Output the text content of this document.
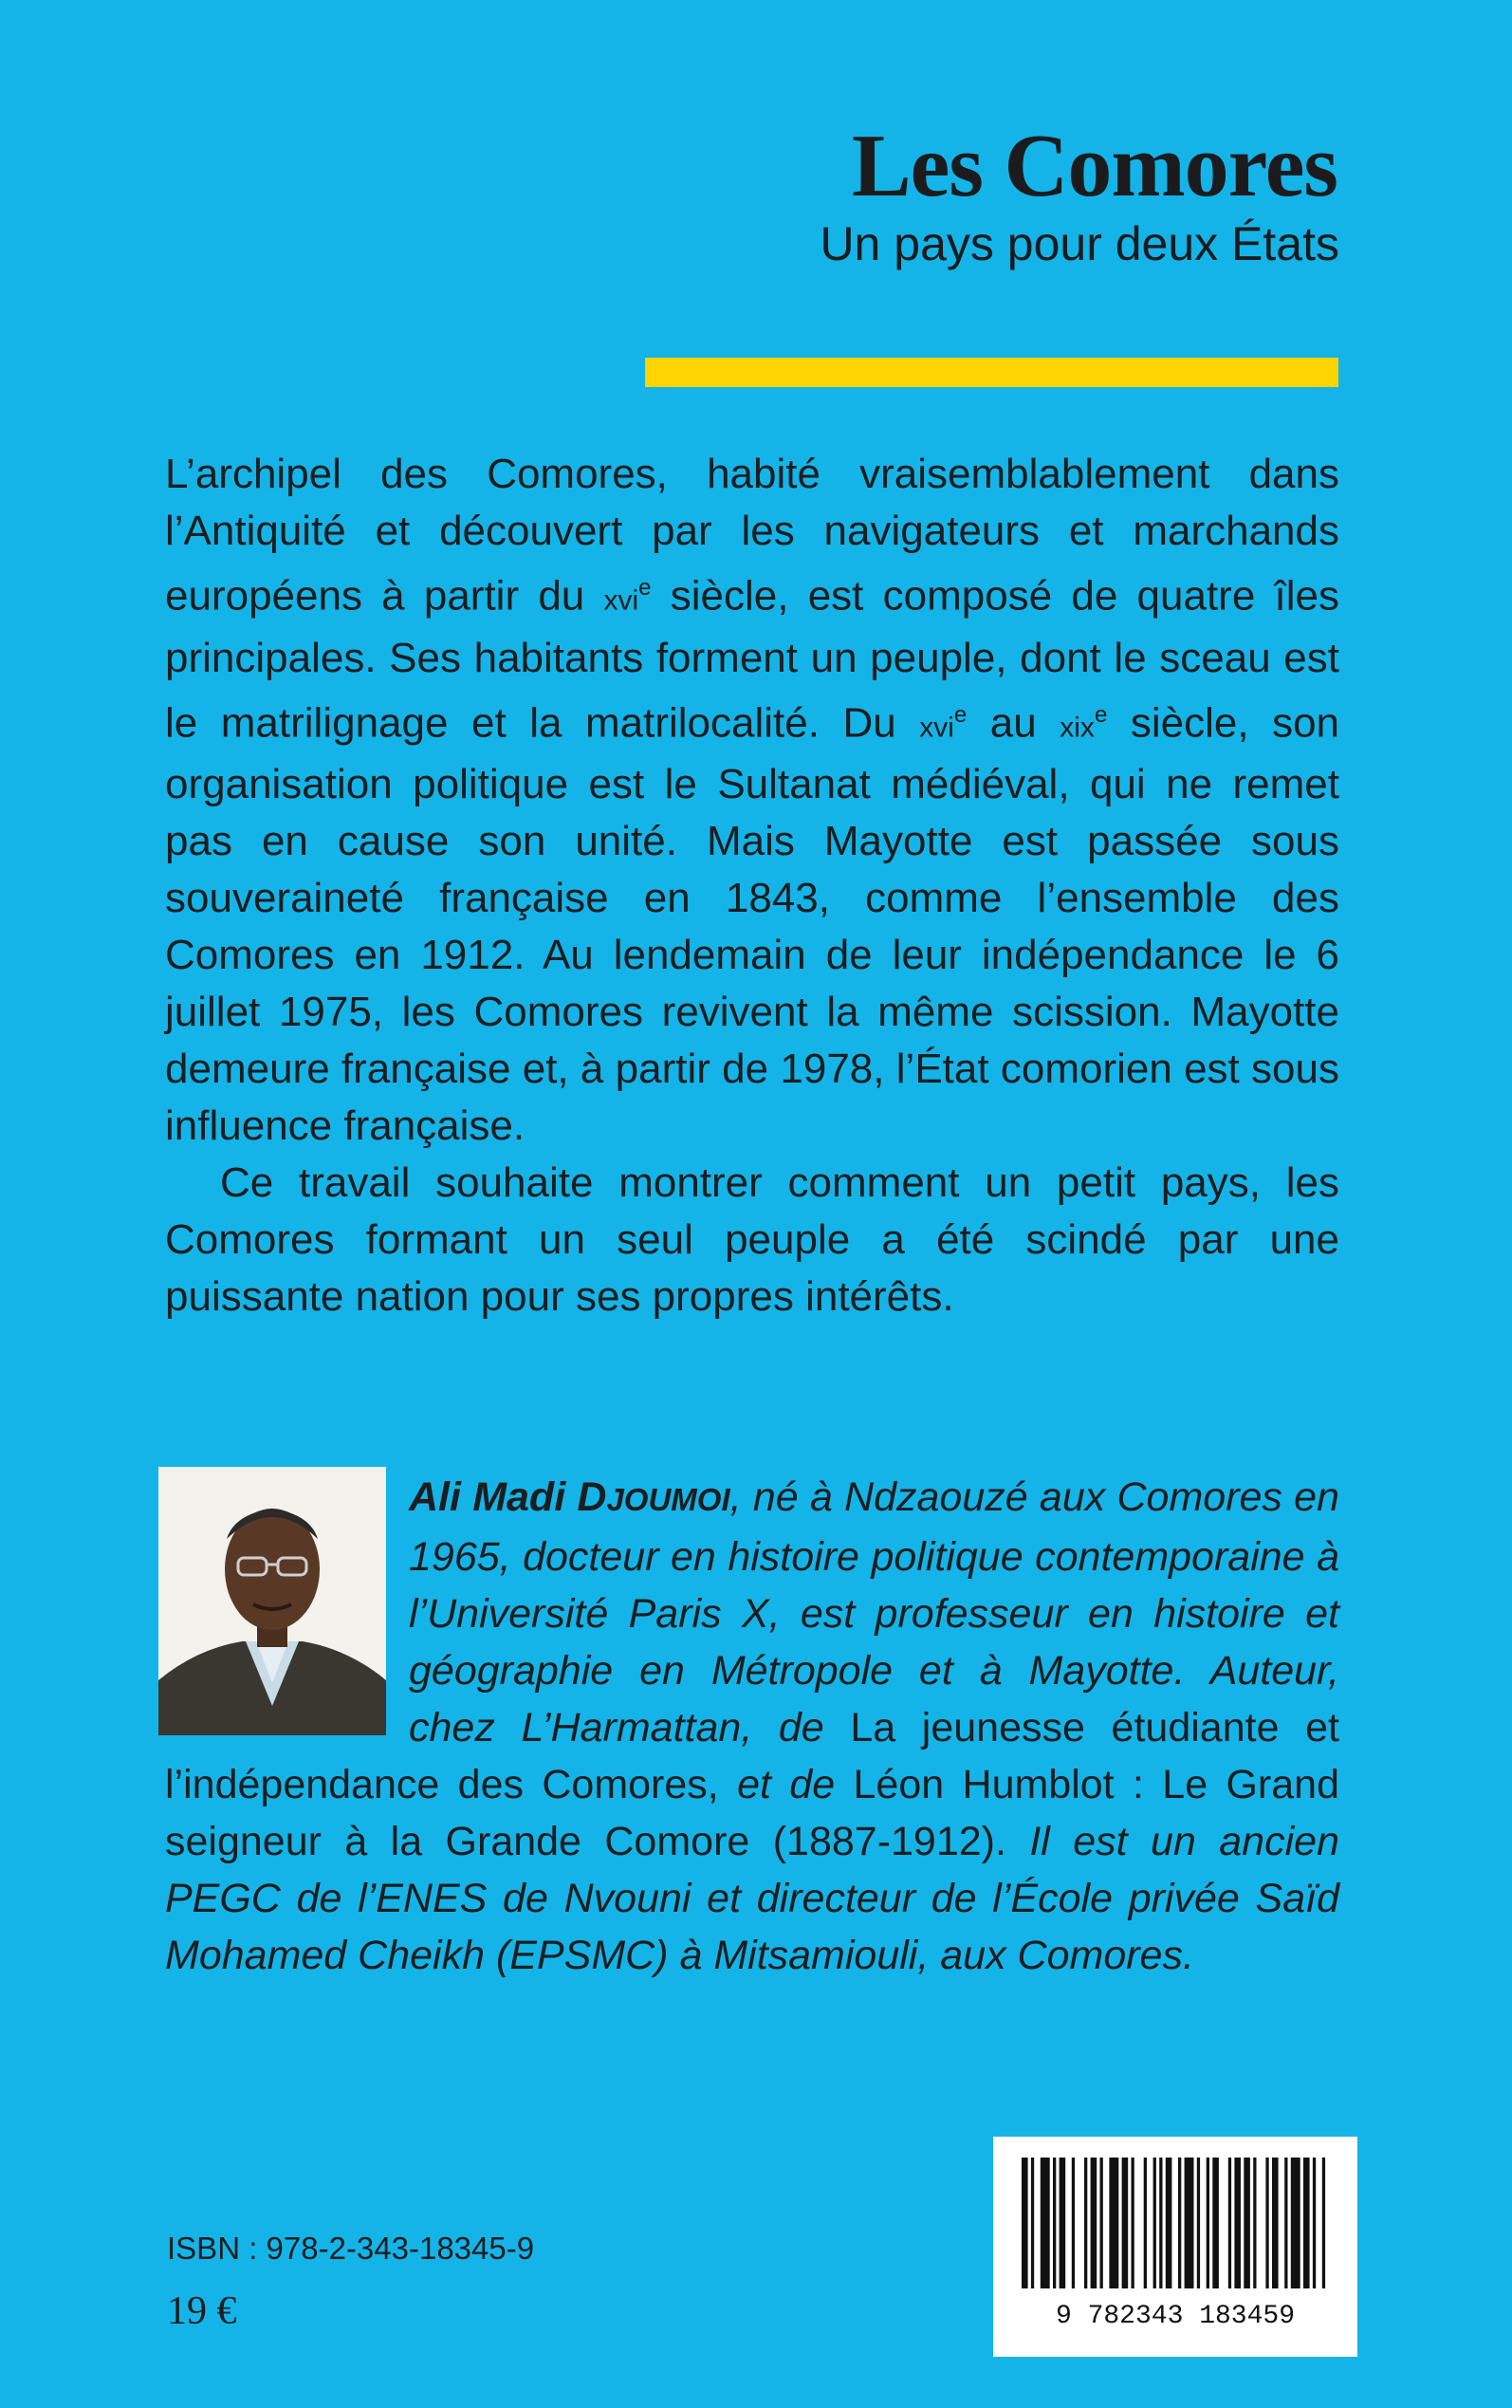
Les Comores
Un pays pour deux États

L’archipel des Comores, habité vraisemblablement dans l’Antiquité et découvert par les navigateurs et marchands européens à partir du xvi$^e$ siècle, est composé de quatre îles principales. Ses habitants forment un peuple, dont le sceau est le matrilignage et la matrilocalité. Du xvi$^e$ au xix$^e$ siècle, son organisation politique est le Sultanat médiéval, qui ne remet pas en cause son unité. Mais Mayotte est passée sous souveraineté française en 1843, comme l’ensemble des Comores en 1912. Au lendemain de leur indépendance le 6 juillet 1975, les Comores revivent la même scission. Mayotte demeure française et, à partir de 1978, l’État comorien est sous influence française.

Ce travail souhaite montrer comment un petit pays, les Comores formant un seul peuple a été scindé par une puissante nation pour ses propres intérêts.

Ali Madi DJOUMOI, né à Ndzaouzé aux Comores en 1965, docteur en histoire politique contemporaine à l’Université Paris X, est professeur en histoire et géographie en Métropole et à Mayotte. Auteur, chez L’Harmattan, de La jeunesse étudiante et l’indépendance des Comores, et de Léon Humblot : Le Grand seigneur à la Grande Comore (1887-1912). Il est un ancien PEGC de l’ENES de Nvouni et directeur de l’École privée Saïd Mohamed Cheikh (EPSMC) à Mitsamiouli, aux Comores.

ISBN : 978-2-343-18345-9
19 €	9 782343 183459
